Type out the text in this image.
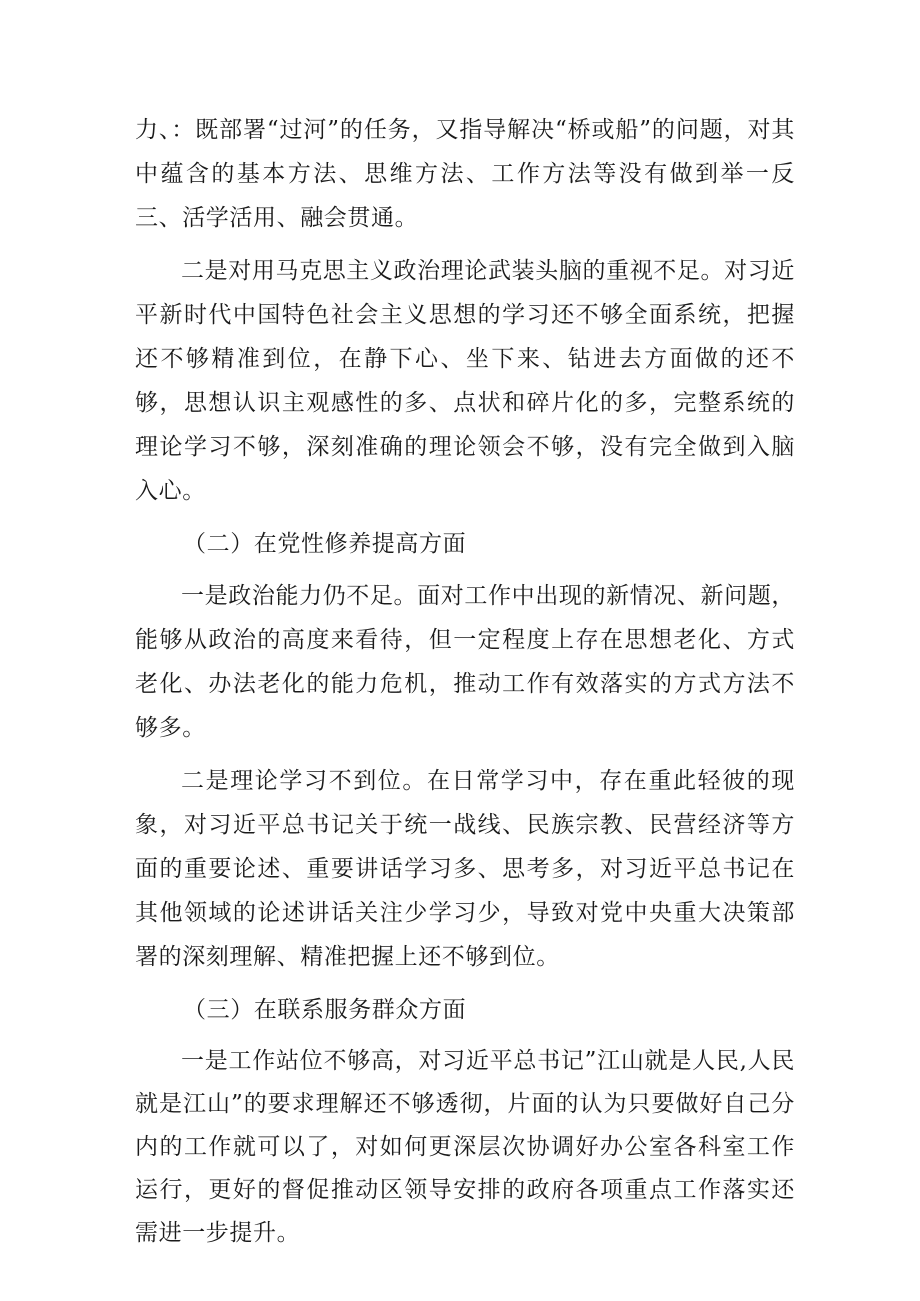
力、：既部署“过河”的任务，又指导解决“桥或船”的问题，对其中蕴含的基本方法、思维方法、工作方法等没有做到举一反三、活学活用、融会贯通。

二是对用马克思主义政治理论武装头脑的重视不足。对习近平新时代中国特色社会主义思想的学习还不够全面系统，把握还不够精准到位，在静下心、坐下来、钻进去方面做的还不够，思想认识主观感性的多、点状和碎片化的多，完整系统的理论学习不够，深刻准确的理论领会不够，没有完全做到入脑入心。

（二）在党性修养提高方面

一是政治能力仍不足。面对工作中出现的新情况、新问题，能够从政治的高度来看待，但一定程度上存在思想老化、方式老化、办法老化的能力危机，推动工作有效落实的方式方法不够多。

二是理论学习不到位。在日常学习中，存在重此轻彼的现象，对习近平总书记关于统一战线、民族宗教、民营经济等方面的重要论述、重要讲话学习多、思考多，对习近平总书记在其他领域的论述讲话关注少学习少，导致对党中央重大决策部署的深刻理解、精准把握上还不够到位。

（三）在联系服务群众方面

一是工作站位不够高，对习近平总书记”江山就是人民,人民就是江山”的要求理解还不够透彻，片面的认为只要做好自己分内的工作就可以了，对如何更深层次协调好办公室各科室工作运行，更好的督促推动区领导安排的政府各项重点工作落实还需进一步提升。
